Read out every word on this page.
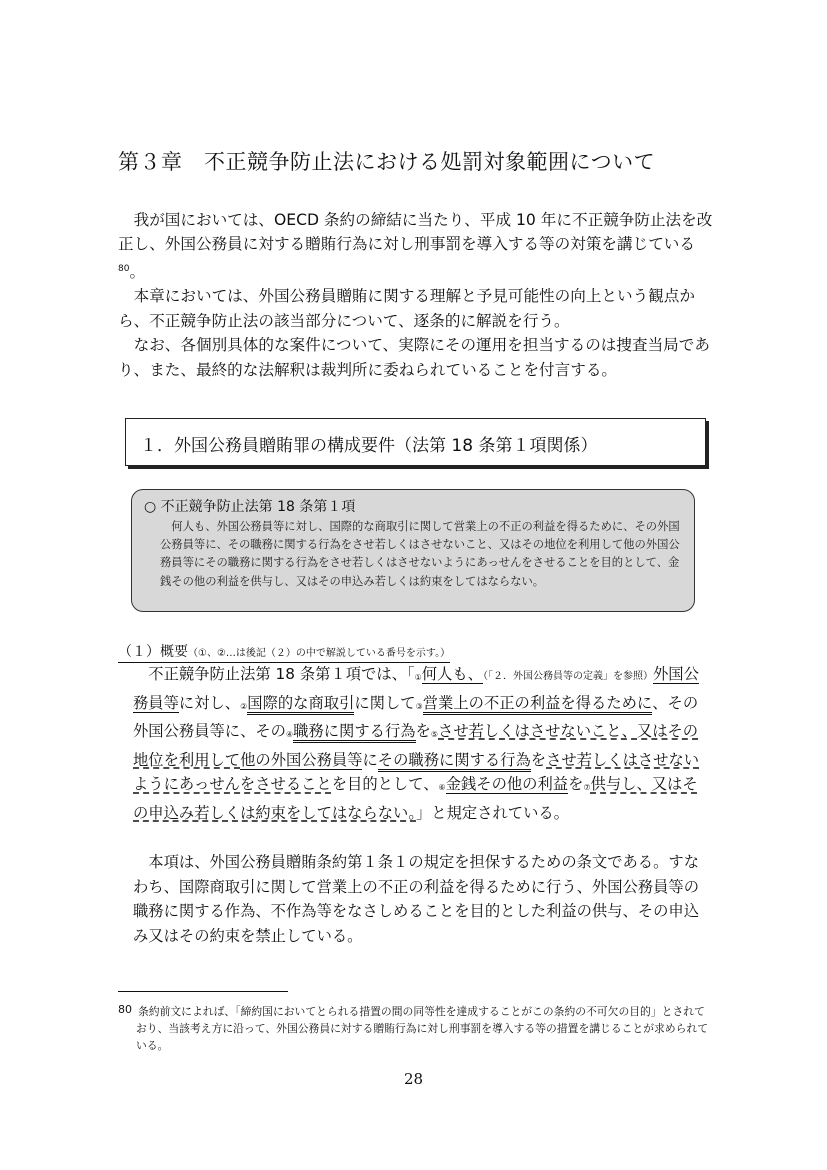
第３章　不正競争防止法における処罰対象範囲について

我が国においては、OECD 条約の締結に当たり、平成 10 年に不正競争防止法を改正し、外国公務員に対する贈賄行為に対し刑事罰を導入する等の対策を講じている$^{80}$。

本章においては、外国公務員贈賄に関する理解と予見可能性の向上という観点から、不正競争防止法の該当部分について、逐条的に解説を行う。

なお、各個別具体的な案件について、実際にその運用を担当するのは捜査当局であり、また、最終的な法解釈は裁判所に委ねられていることを付言する。

１．外国公務員贈賄罪の構成要件（法第 18 条第１項関係）
○ 不正競争防止法第 18 条第１項

何人も、外国公務員等に対し、国際的な商取引に関して営業上の不正の利益を得るために、その外国公務員等に、その職務に関する行為をさせ若しくはさせないこと、又はその地位を利用して他の外国公務員等にその職務に関する行為をさせ若しくはさせないようにあっせんをさせることを目的として、金銭その他の利益を供与し、又はその申込み若しくは約束をしてはならない。

（１）概要（①、②…は後記（２）の中で解説している番号を示す。）

不正競争防止法第 18 条第１項では、「①何人も、（「２．外国公務員等の定義」を参照）外国公務員等に対し、②国際的な商取引に関して③営業上の不正の利益を得るために、その外国公務員等に、その④職務に関する行為を⑤させ若しくはさせないこと、又はその地位を利用して他の外国公務員等にその職務に関する行為をさせ若しくはさせないようにあっせんをさせることを目的として、⑥金銭その他の利益を⑦供与し、又はその申込み若しくは約束をしてはならない。」と規定されている。

本項は、外国公務員贈賄条約第１条１の規定を担保するための条文である。すなわち、国際商取引に関して営業上の不正の利益を得るために行う、外国公務員等の職務に関する作為、不作為等をなさしめることを目的とした利益の供与、その申込み又はその約束を禁止している。

80 条約前文によれば、「締約国においてとられる措置の間の同等性を達成することがこの条約の不可欠の目的」とされており、当該考え方に沿って、外国公務員に対する贈賄行為に対し刑事罰を導入する等の措置を講じることが求められている。

28
